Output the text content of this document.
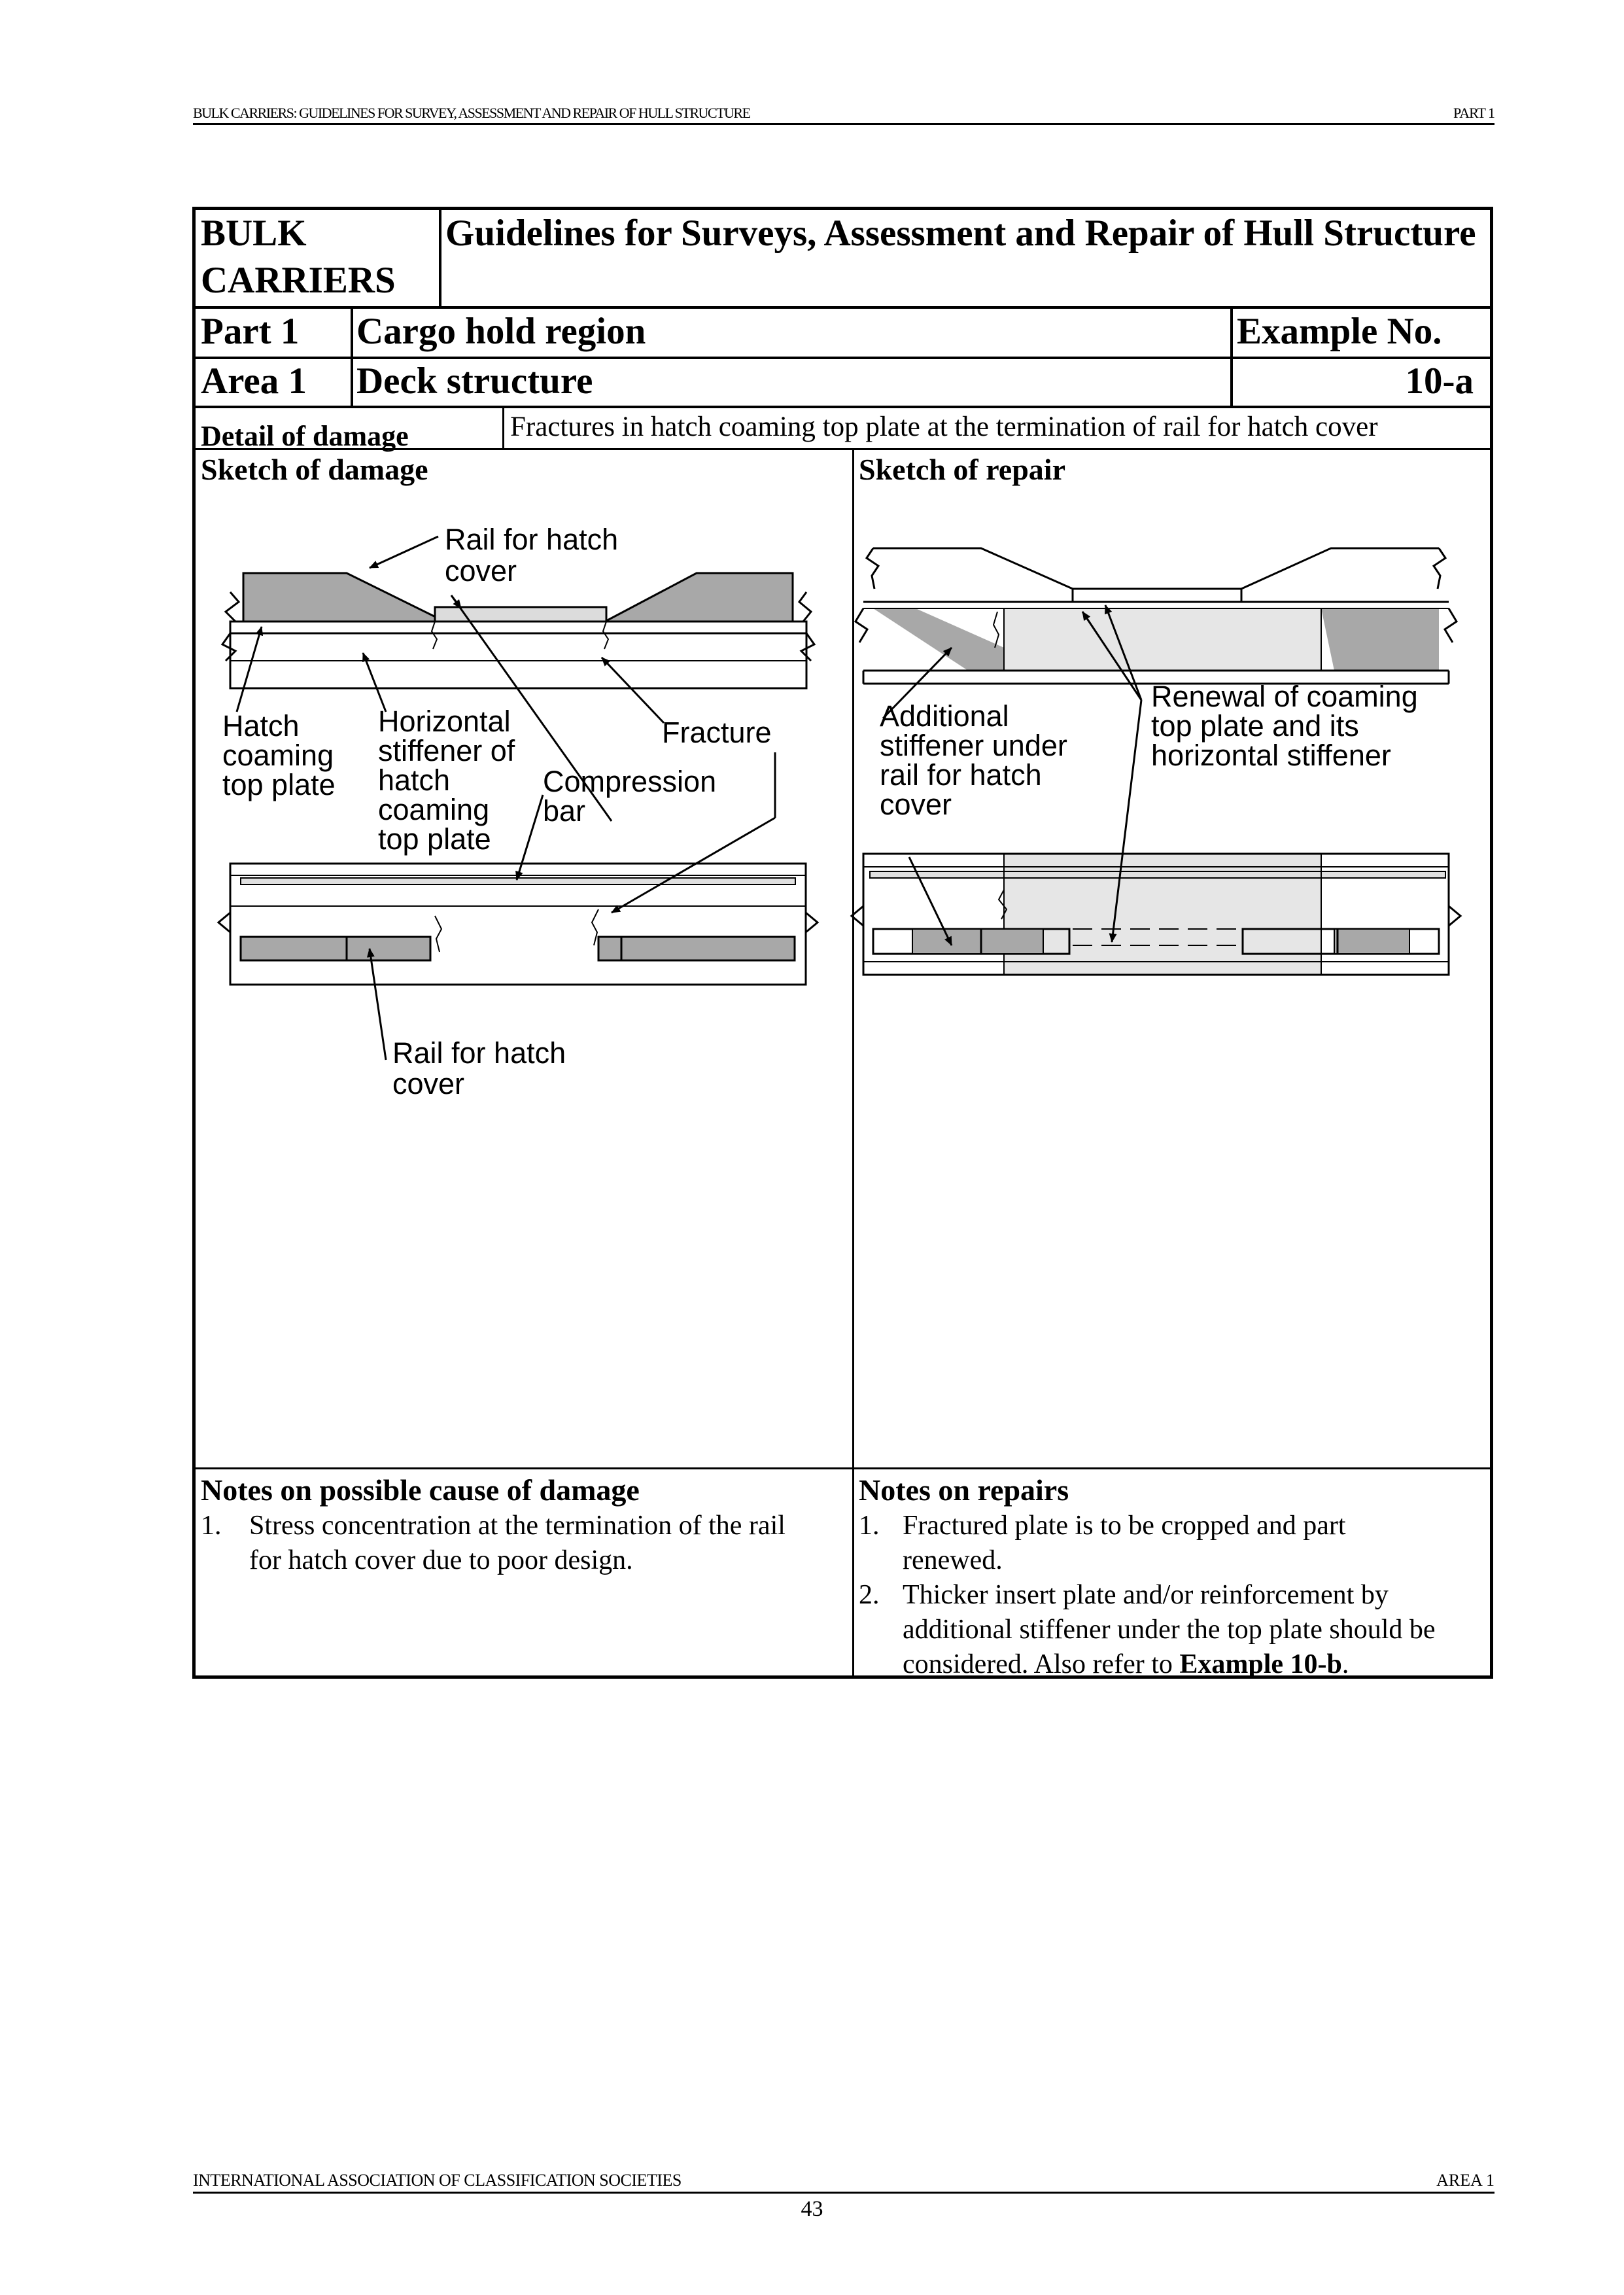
BULK CARRIERS: GUIDELINES FOR SURVEY, ASSESSMENT AND REPAIR OF HULL STRUCTURE	PART 1
BULK CARRIERS
Guidelines for Surveys, Assessment and Repair of Hull Structure
Part 1 Cargo hold region	Example No.
Area 1 Deck structure	10-a
Detail of damage	Fractures in hatch coaming top plate at the termination of rail for hatch cover
Sketch of damage	Sketch of repair
Notes on possible cause of damage
1. Stress concentration at the termination of the rail
for hatch cover due to poor design.
Notes on repairs
1. Fractured plate is to be cropped and part
renewed.
2. Thicker insert plate and/or reinforcement by
additional stiffener under the top plate should be
considered. Also refer to Example 10-b.
Rail for hatch
cover
Hatch
coaming
top plate
Horizontal
stiffener of
hatch
coaming
top plate
Fracture
Compression
bar
Rail for hatch
cover
Additional
stiffener under
rail for hatch
cover
Renewal of coaming
top plate and its
horizontal stiffener
INTERNATIONAL ASSOCIATION OF CLASSIFICATION SOCIETIES	AREA 1
43
